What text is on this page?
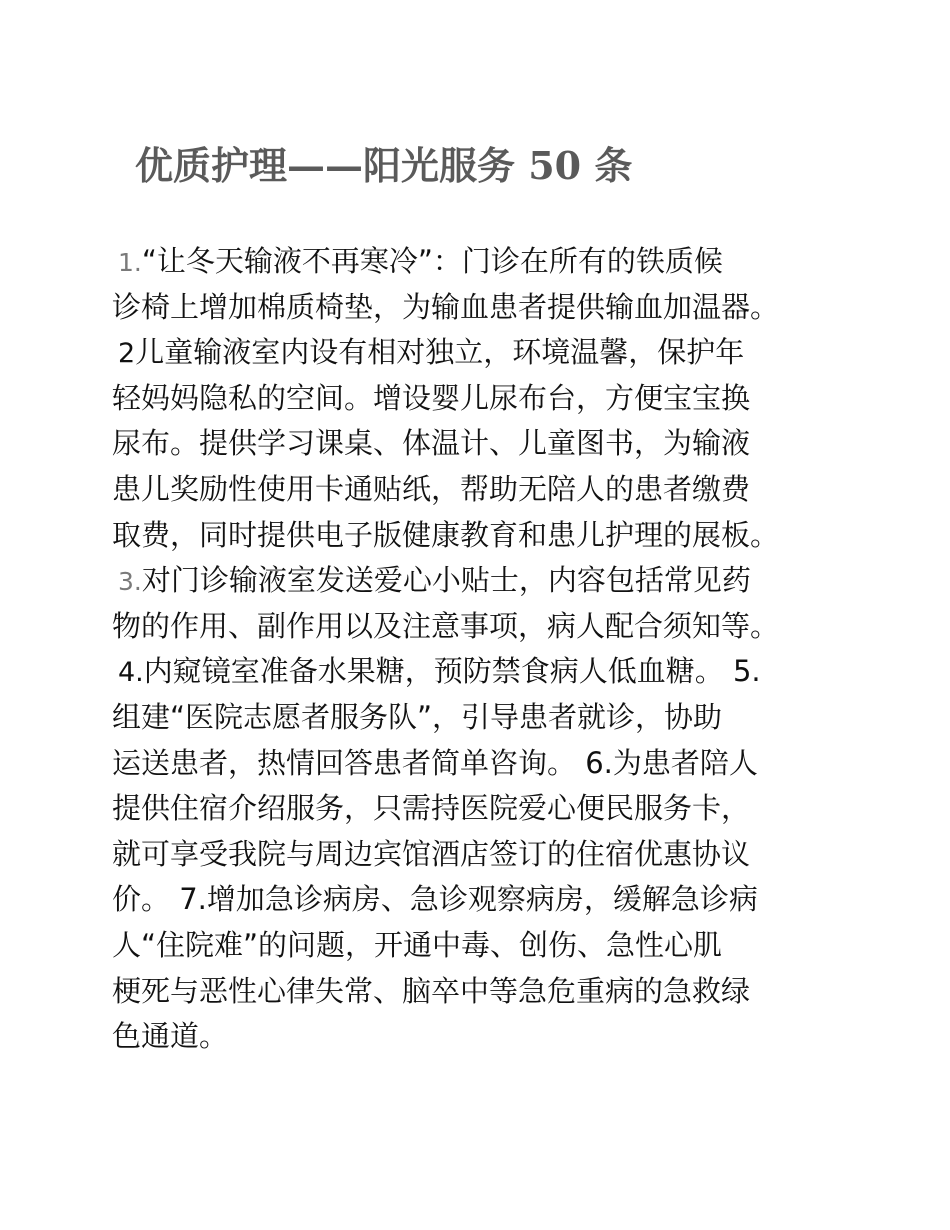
优质护理——阳光服务 50 条
1.“让冬天输液不再寒冷”：门诊在所有的铁质候
诊椅上增加棉质椅垫，为输血患者提供输血加温器。
2儿童输液室内设有相对独立，环境温馨，保护年
轻妈妈隐私的空间。增设婴儿尿布台，方便宝宝换
尿布。提供学习课桌、体温计、儿童图书，为输液
患儿奖励性使用卡通贴纸，帮助无陪人的患者缴费
取费，同时提供电子版健康教育和患儿护理的展板。
3.对门诊输液室发送爱心小贴士，内容包括常见药
物的作用、副作用以及注意事项，病人配合须知等。
4.内窥镜室准备水果糖，预防禁食病人低血糖。 5.
组建“医院志愿者服务队”，引导患者就诊，协助
运送患者，热情回答患者简单咨询。 6.为患者陪人
提供住宿介绍服务，只需持医院爱心便民服务卡，
就可享受我院与周边宾馆酒店签订的住宿优惠协议
价。 7.增加急诊病房、急诊观察病房，缓解急诊病
人“住院难”的问题，开通中毒、创伤、急性心肌
梗死与恶性心律失常、脑卒中等急危重病的急救绿
色通道。
